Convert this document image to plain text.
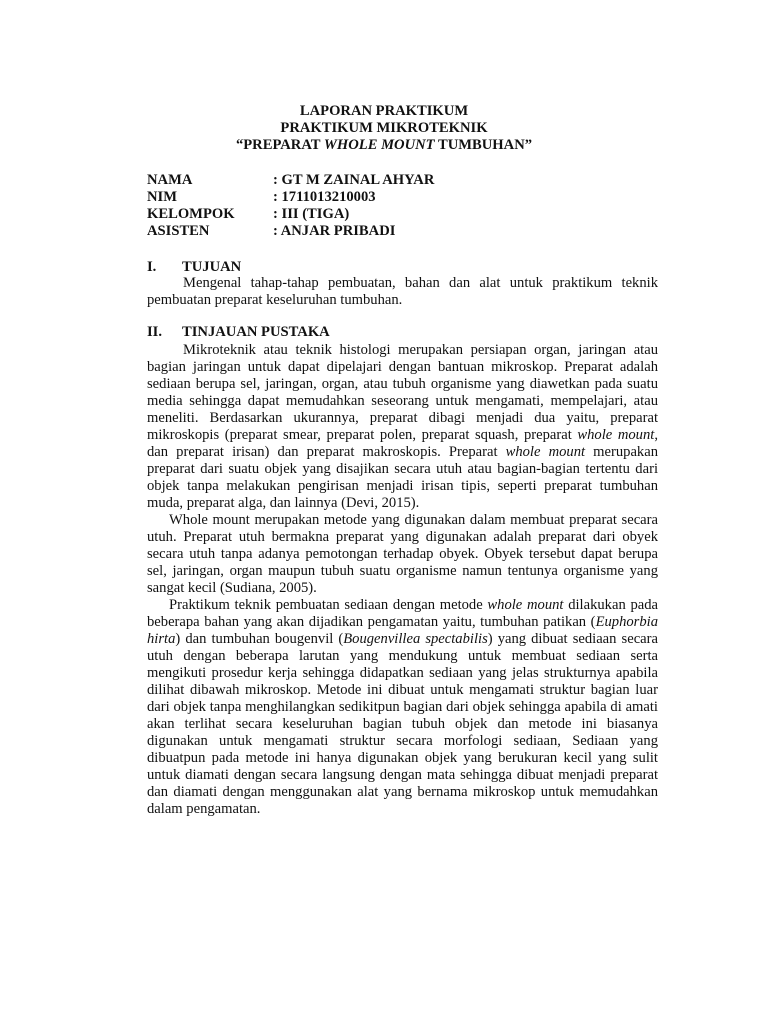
LAPORAN PRAKTIKUM
PRAKTIKUM MIKROTEKNIK
“PREPARAT WHOLE MOUNT TUMBUHAN”
NAMA	: GT M ZAINAL AHYAR
NIM	: 1711013210003
KELOMPOK	: III (TIGA)
ASISTEN	: ANJAR PRIBADI
I. TUJUAN

Mengenal tahap-tahap pembuatan, bahan dan alat untuk praktikum teknik pembuatan preparat keseluruhan tumbuhan.

II. TINJAUAN PUSTAKA

Mikroteknik atau teknik histologi merupakan persiapan organ, jaringan atau bagian jaringan untuk dapat dipelajari dengan bantuan mikroskop. Preparat adalah sediaan berupa sel, jaringan, organ, atau tubuh organisme yang diawetkan pada suatu media sehingga dapat memudahkan seseorang untuk mengamati, mempelajari, atau meneliti. Berdasarkan ukurannya, preparat dibagi menjadi dua yaitu, preparat mikroskopis (preparat smear, preparat polen, preparat squash, preparat whole mount, dan preparat irisan) dan preparat makroskopis. Preparat whole mount merupakan preparat dari suatu objek yang disajikan secara utuh atau bagian-bagian tertentu dari objek tanpa melakukan pengirisan menjadi irisan tipis, seperti preparat tumbuhan muda, preparat alga, dan lainnya (Devi, 2015).

Whole mount merupakan metode yang digunakan dalam membuat preparat secara utuh. Preparat utuh bermakna preparat yang digunakan adalah preparat dari obyek secara utuh tanpa adanya pemotongan terhadap obyek. Obyek tersebut dapat berupa sel, jaringan, organ maupun tubuh suatu organisme namun tentunya organisme yang sangat kecil (Sudiana, 2005).

Praktikum teknik pembuatan sediaan dengan metode whole mount dilakukan pada beberapa bahan yang akan dijadikan pengamatan yaitu, tumbuhan patikan (Euphorbia hirta) dan tumbuhan bougenvil (Bougenvillea spectabilis) yang dibuat sediaan secara utuh dengan beberapa larutan yang mendukung untuk membuat sediaan serta mengikuti prosedur kerja sehingga didapatkan sediaan yang jelas strukturnya apabila dilihat dibawah mikroskop. Metode ini dibuat untuk mengamati struktur bagian luar dari objek tanpa menghilangkan sedikitpun bagian dari objek sehingga apabila di amati akan terlihat secara keseluruhan bagian tubuh objek dan metode ini biasanya digunakan untuk mengamati struktur secara morfologi sediaan, Sediaan yang dibuatpun pada metode ini hanya digunakan objek yang berukuran kecil yang sulit untuk diamati dengan secara langsung dengan mata sehingga dibuat menjadi preparat dan diamati dengan menggunakan alat yang bernama mikroskop untuk memudahkan dalam pengamatan.
